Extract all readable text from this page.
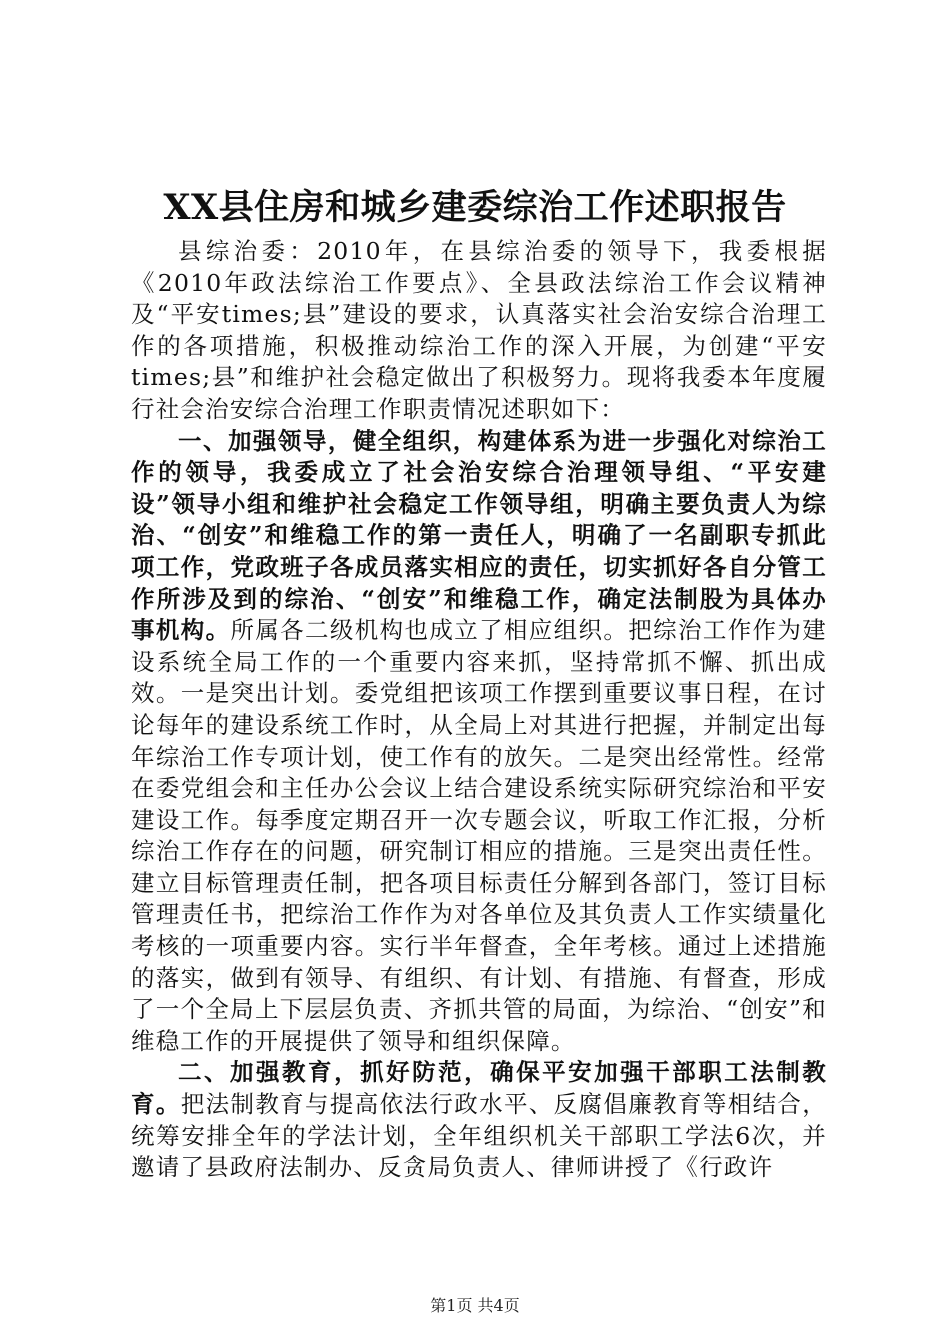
XX县住房和城乡建委综治工作述职报告

县综治委：2010年，在县综治委的领导下，我委根据《2010年政法综治工作要点》、全县政法综治工作会议精神及“平安times;县”建设的要求，认真落实社会治安综合治理工作的各项措施，积极推动综治工作的深入开展，为创建“平安times;县”和维护社会稳定做出了积极努力。现将我委本年度履行社会治安综合治理工作职责情况述职如下：

一、加强领导，健全组织，构建体系为进一步强化对综治工作的领导，我委成立了社会治安综合治理领导组、“平安建设”领导小组和维护社会稳定工作领导组，明确主要负责人为综治、“创安”和维稳工作的第一责任人，明确了一名副职专抓此项工作，党政班子各成员落实相应的责任，切实抓好各自分管工作所涉及到的综治、“创安”和维稳工作，确定法制股为具体办事机构。所属各二级机构也成立了相应组织。把综治工作作为建设系统全局工作的一个重要内容来抓，坚持常抓不懈、抓出成效。一是突出计划。委党组把该项工作摆到重要议事日程，在讨论每年的建设系统工作时，从全局上对其进行把握，并制定出每年综治工作专项计划，使工作有的放矢。二是突出经常性。经常在委党组会和主任办公会议上结合建设系统实际研究综治和平安建设工作。每季度定期召开一次专题会议，听取工作汇报，分析综治工作存在的问题，研究制订相应的措施。三是突出责任性。建立目标管理责任制，把各项目标责任分解到各部门，签订目标管理责任书，把综治工作作为对各单位及其负责人工作实绩量化考核的一项重要内容。实行半年督查，全年考核。通过上述措施的落实，做到有领导、有组织、有计划、有措施、有督查，形成了一个全局上下层层负责、齐抓共管的局面，为综治、“创安”和维稳工作的开展提供了领导和组织保障。

二、加强教育，抓好防范，确保平安加强干部职工法制教育。把法制教育与提高依法行政水平、反腐倡廉教育等相结合，统筹安排全年的学法计划，全年组织机关干部职工学法6次，并邀请了县政府法制办、反贪局负责人、律师讲授了《行政许

第1页 共4页
